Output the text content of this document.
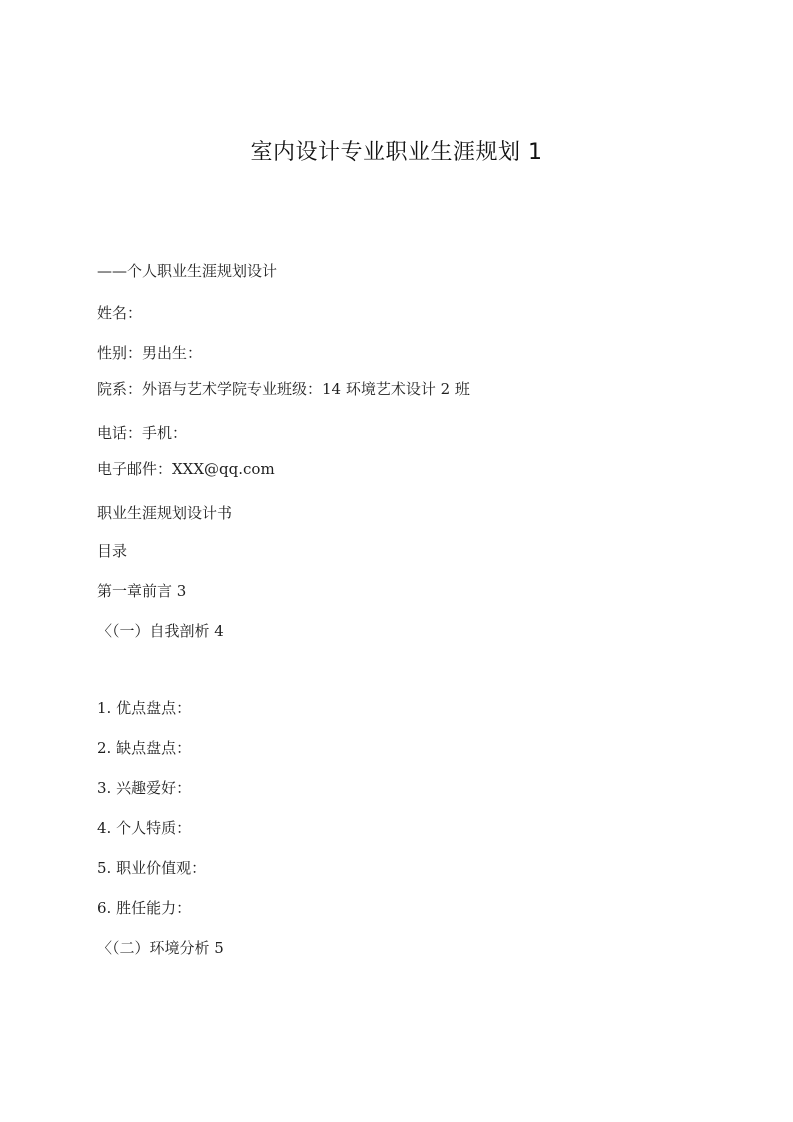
室内设计专业职业生涯规划 1
——个人职业生涯规划设计
姓名：
性别：男出生：
院系：外语与艺术学院专业班级：14 环境艺术设计 2 班
电话：手机：
电子邮件：XXX@qq.com
职业生涯规划设计书
目录
第一章前言 3
〈（一）自我剖析 4
1. 优点盘点：
2. 缺点盘点：
3. 兴趣爱好：
4. 个人特质：
5. 职业价值观：
6. 胜任能力：
〈（二）环境分析 5
